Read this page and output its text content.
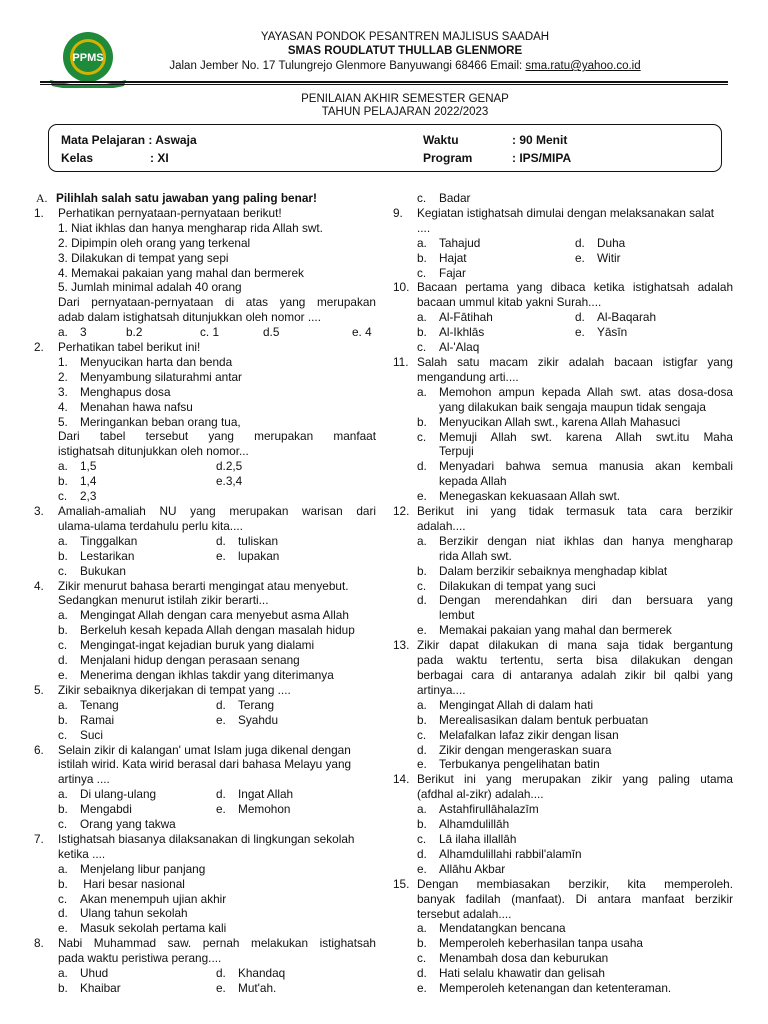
PPMS
YAYASAN PONDOK PESANTREN MAJLISUS SAADAH
SMAS ROUDLATUT THULLAB GLENMORE
Jalan Jember No. 17 Tulungrejo Glenmore Banyuwangi 68466 Email: sma.ratu@yahoo.co.id
PENILAIAN AKHIR SEMESTER GENAP
TAHUN PELAJARAN 2022/2023
Mata Pelajaran : Aswaja
Kelas	: XI
Waktu	: 90 Menit
Program	: IPS/MIPA
A. Pilihlah salah satu jawaban yang paling benar!
1. Perhatikan pernyataan-pernyataan berikut!
1. Niat ikhlas dan hanya mengharap rida Allah swt.
2. Dipimpin oleh orang yang terkenal
3. Dilakukan di tempat yang sepi
4. Memakai pakaian yang mahal dan bermerek
5. Jumlah minimal adalah 40 orang
Dari pernyataan-pernyataan di atas yang merupakan
adab dalam istighatsah ditunjukkan oleh nomor ....
a. 3	b.2	c. 1	d.5	e. 4
2. Perhatikan tabel berikut ini!
1.	Menyucikan harta dan benda
2.	Menyambung silaturahmi antar
3.	Menghapus dosa
4.	Menahan hawa nafsu
5.	Meringankan beban orang tua,
Dari tabel tersebut yang merupakan manfaat
istighatsah ditunjukkan oleh nomor...
a.	1,5	d.2,5
b.	1,4	e.3,4
c.	2,3
3. Amaliah-amaliah NU yang merupakan warisan dari
ulama-ulama terdahulu perlu kita....
a.	Tinggalkan	d.	tuliskan
b.	Lestarikan	e.	lupakan
c.	Bukukan
4. Zikir menurut bahasa berarti mengingat atau menyebut.
Sedangkan menurut istilah zikir berarti...
a.	Mengingat Allah dengan cara menyebut asma Allah
b.	Berkeluh kesah kepada Allah dengan masalah hidup
c.	Mengingat-ingat kejadian buruk yang dialami
d.	Menjalani hidup dengan perasaan senang
e.	Menerima dengan ikhlas takdir yang diterimanya
5. Zikir sebaiknya dikerjakan di tempat yang ....
a.	Tenang	d.	Terang
b.	Ramai	e.	Syahdu
c.	Suci
6. Selain zikir di kalangan' umat Islam juga dikenal dengan
istilah wirid. Kata wirid berasal dari bahasa Melayu yang
artinya ....
a.	Di ulang-ulang	d.	Ingat Allah
b.	Mengabdi	e.	Memohon
c.	Orang yang takwa
7. Istighatsah biasanya dilaksanakan di lingkungan sekolah
ketika ....
a.	Menjelang libur panjang
b.	Hari besar nasional
c.	Akan menempuh ujian akhir
d.	Ulang tahun sekolah
e.	Masuk sekolah pertama kali
8. Nabi Muhammad saw. pernah melakukan istighatsah
pada waktu peristiwa perang....
a.	Uhud	d.	Khandaq
b.	Khaibar	e.	Mut'ah.
c.	Badar
9. Kegiatan istighatsah dimulai dengan melaksanakan salat
....
a.	Tahajud	d.	Duha
b.	Hajat	e.	Witir
c.	Fajar
10. Bacaan pertama yang dibaca ketika istighatsah adalah
bacaan ummul kitab yakni Surah....
a.	Al-Fātihah	d.	Al-Baqarah
b.	Al-Ikhlās	e.	Yāsīn
c.	Al-'Alaq
11. Salah satu macam zikir adalah bacaan istigfar yang
mengandung arti....
a.	Memohon ampun kepada Allah swt. atas dosa-dosa
yang dilakukan baik sengaja maupun tidak sengaja
b.	Menyucikan Allah swt., karena Allah Mahasuci
c.	Memuji Allah swt. karena Allah swt.itu Maha
Terpuji
d.	Menyadari bahwa semua manusia akan kembali
kepada Allah
e.	Menegaskan kekuasaan Allah swt.
12. Berikut ini yang tidak termasuk tata cara berzikir
adalah....
a.	Berzikir dengan niat ikhlas dan hanya mengharap
rida Allah swt.
b.	Dalam berzikir sebaiknya menghadap kiblat
c.	Dilakukan di tempat yang suci
d.	Dengan merendahkan diri dan bersuara yang
lembut
e.	Memakai pakaian yang mahal dan bermerek
13. Zikir dapat dilakukan di mana saja tidak bergantung
pada waktu tertentu, serta bisa dilakukan dengan
berbagai cara di antaranya adalah zikir bil qalbi yang
artinya....
a.	Mengingat Allah di dalam hati
b.	Merealisasikan dalam bentuk perbuatan
c.	Melafalkan lafaz zikir dengan lisan
d.	Zikir dengan mengeraskan suara
e.	Terbukanya pengelihatan batin
14. Berikut ini yang merupakan zikir yang paling utama
(afdhal al-zikr) adalah....
a.	Astahfirullāhalazīm
b.	Alhamdulillāh
c.	Lā ilaha illallāh
d.	Alhamdulillahi rabbil'alamīn
e.	Allāhu Akbar
15. Dengan membiasakan berzikir, kita memperoleh.
banyak fadilah (manfaat). Di antara manfaat berzikir
tersebut adalah....
a.	Mendatangkan bencana
b.	Memperoleh keberhasilan tanpa usaha
c.	Menambah dosa dan keburukan
d.	Hati selalu khawatir dan gelisah
e.	Memperoleh ketenangan dan ketenteraman.
